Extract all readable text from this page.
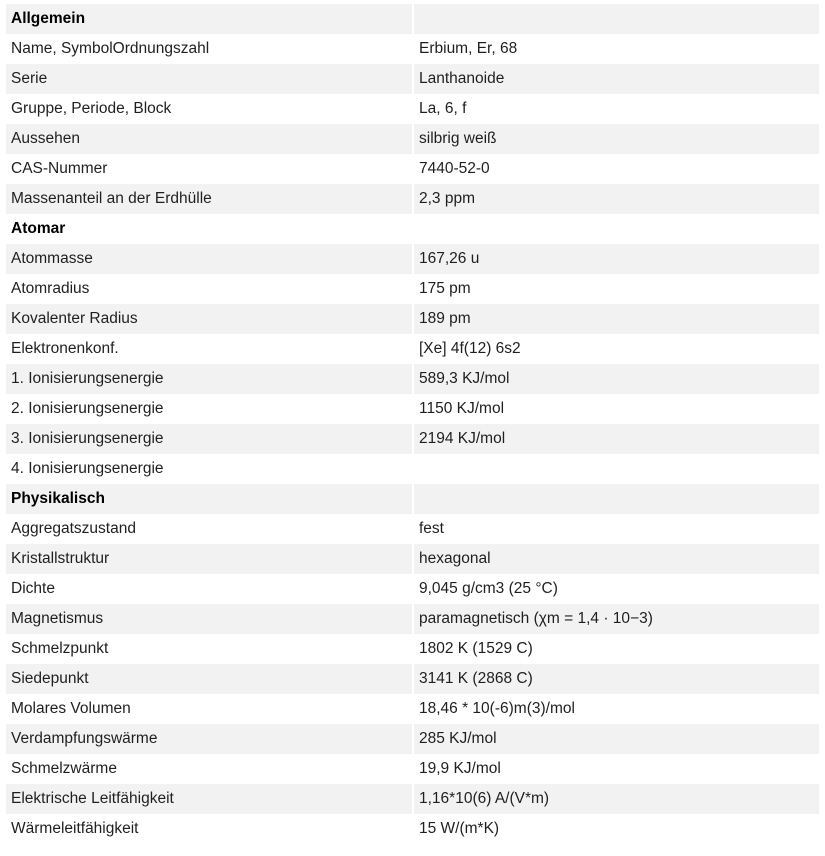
Allgemein
Name, SymbolOrdnungszahl	Erbium, Er, 68
Serie	Lanthanoide
Gruppe, Periode, Block	La, 6, f
Aussehen	silbrig weiß
CAS-Nummer	7440-52-0
Massenanteil an der Erdhülle	2,3 ppm
Atomar
Atommasse	167,26 u
Atomradius	175 pm
Kovalenter Radius	189 pm
Elektronenkonf.	[Xe] 4f(12) 6s2
1. Ionisierungsenergie	589,3 KJ/mol
2. Ionisierungsenergie	1150 KJ/mol
3. Ionisierungsenergie	2194 KJ/mol
4. Ionisierungsenergie
Physikalisch
Aggregatszustand	fest
Kristallstruktur	hexagonal
Dichte	9,045 g/cm3 (25 °C)
Magnetismus	paramagnetisch (χm = 1,4 · 10−3)
Schmelzpunkt	1802 K (1529 C)
Siedepunkt	3141 K (2868 C)
Molares Volumen	18,46 * 10(-6)m(3)/mol
Verdampfungswärme	285 KJ/mol
Schmelzwärme	19,9 KJ/mol
Elektrische Leitfähigkeit	1,16*10(6) A/(V*m)
Wärmeleitfähigkeit	15 W/(m*K)
